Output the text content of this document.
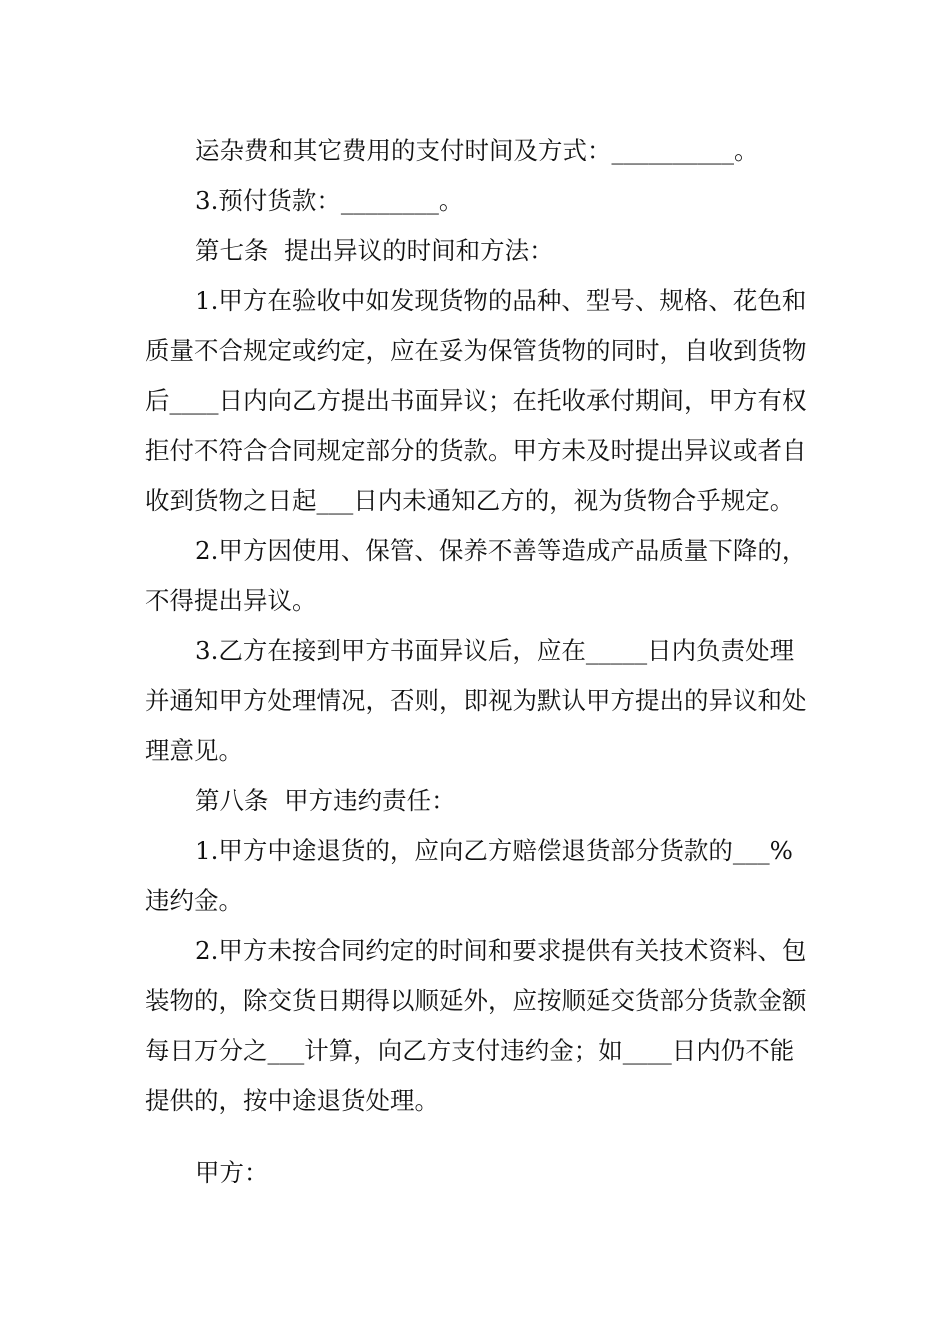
运杂费和其它费用的支付时间及方式：__________。

3.预付货款：________。

第七条  提出异议的时间和方法：

1.甲方在验收中如发现货物的品种、型号、规格、花色和质量不合规定或约定，应在妥为保管货物的同时，自收到货物后____日内向乙方提出书面异议；在托收承付期间，甲方有权拒付不符合合同规定部分的货款。甲方未及时提出异议或者自收到货物之日起___日内未通知乙方的，视为货物合乎规定。

2.甲方因使用、保管、保养不善等造成产品质量下降的，不得提出异议。

3.乙方在接到甲方书面异议后，应在_____日内负责处理并通知甲方处理情况，否则，即视为默认甲方提出的异议和处理意见。

第八条  甲方违约责任：

1.甲方中途退货的，应向乙方赔偿退货部分货款的___%违约金。

2.甲方未按合同约定的时间和要求提供有关技术资料、包装物的，除交货日期得以顺延外，应按顺延交货部分货款金额每日万分之___计算，向乙方支付违约金；如____日内仍不能提供的，按中途退货处理。

甲方：
